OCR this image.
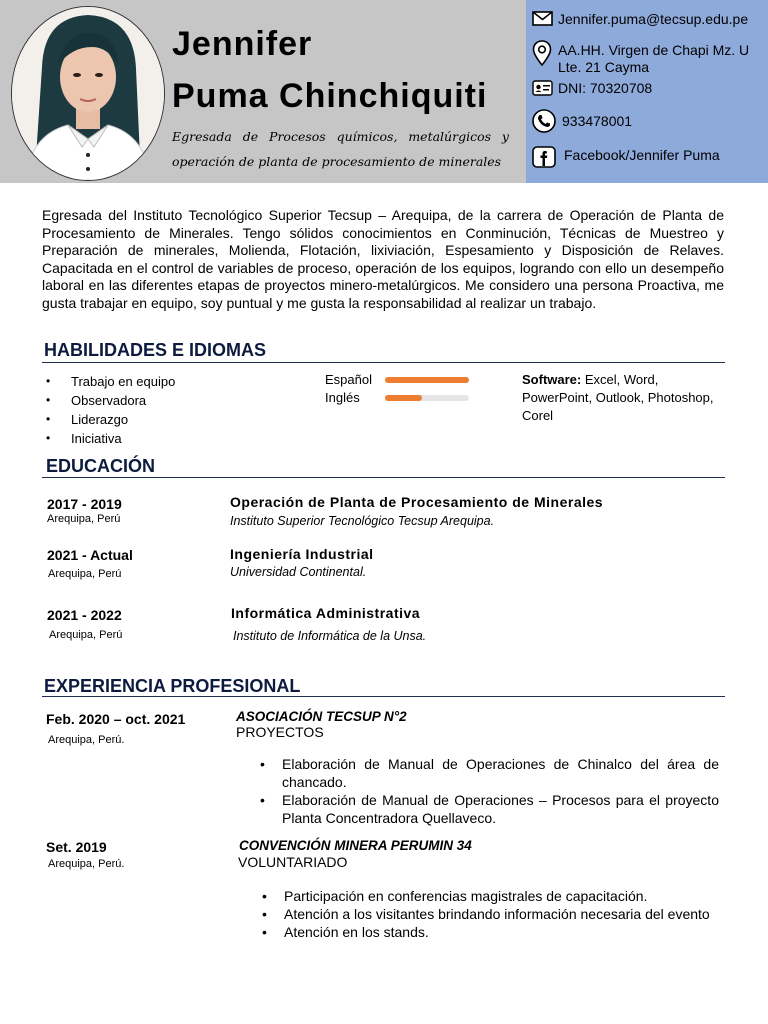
Jennifer
Puma Chinchiquiti
Egresada de Procesos químicos, metalúrgicos y operación de planta de procesamiento de minerales
Jennifer.puma@tecsup.edu.pe
AA.HH. Virgen de Chapi Mz. U Lte. 21 Cayma
DNI: 70320708
933478001
Facebook/Jennifer Puma
Egresada del Instituto Tecnológico Superior Tecsup – Arequipa, de la carrera de Operación de Planta de Procesamiento de Minerales. Tengo sólidos conocimientos en Conminución, Técnicas de Muestreo y Preparación de minerales, Molienda, Flotación, lixiviación, Espesamiento y Disposición de Relaves. Capacitada en el control de variables de proceso, operación de los equipos, logrando con ello un desempeño laboral en las diferentes etapas de proyectos minero-metalúrgicos. Me considero una persona Proactiva, me gusta trabajar en equipo, soy puntual y me gusta la responsabilidad al realizar un trabajo.
HABILIDADES E IDIOMAS
• Trabajo en equipo
• Observadora
• Liderazgo
• Iniciativa
Español
Inglés
Software: Excel, Word, PowerPoint, Outlook, Photoshop, Corel
EDUCACIÓN
2017 - 2019
Arequipa, Perú
Operación de Planta de Procesamiento de Minerales
Instituto Superior Tecnológico Tecsup Arequipa.
2021 - Actual
Arequipa, Perú
Ingeniería Industrial
Universidad Continental.
2021 - 2022
Arequipa, Perú
Informática Administrativa
Instituto de Informática de la Unsa.
EXPERIENCIA PROFESIONAL
Feb. 2020 – oct. 2021
Arequipa, Perú.
ASOCIACIÓN TECSUP N°2
PROYECTOS
• Elaboración de Manual de Operaciones de Chinalco del área de chancado.
• Elaboración de Manual de Operaciones – Procesos para el proyecto Planta Concentradora Quellaveco.
Set. 2019
Arequipa, Perú.
CONVENCIÓN MINERA PERUMIN 34
VOLUNTARIADO
• Participación en conferencias magistrales de capacitación.
• Atención a los visitantes brindando información necesaria del evento
• Atención en los stands.
